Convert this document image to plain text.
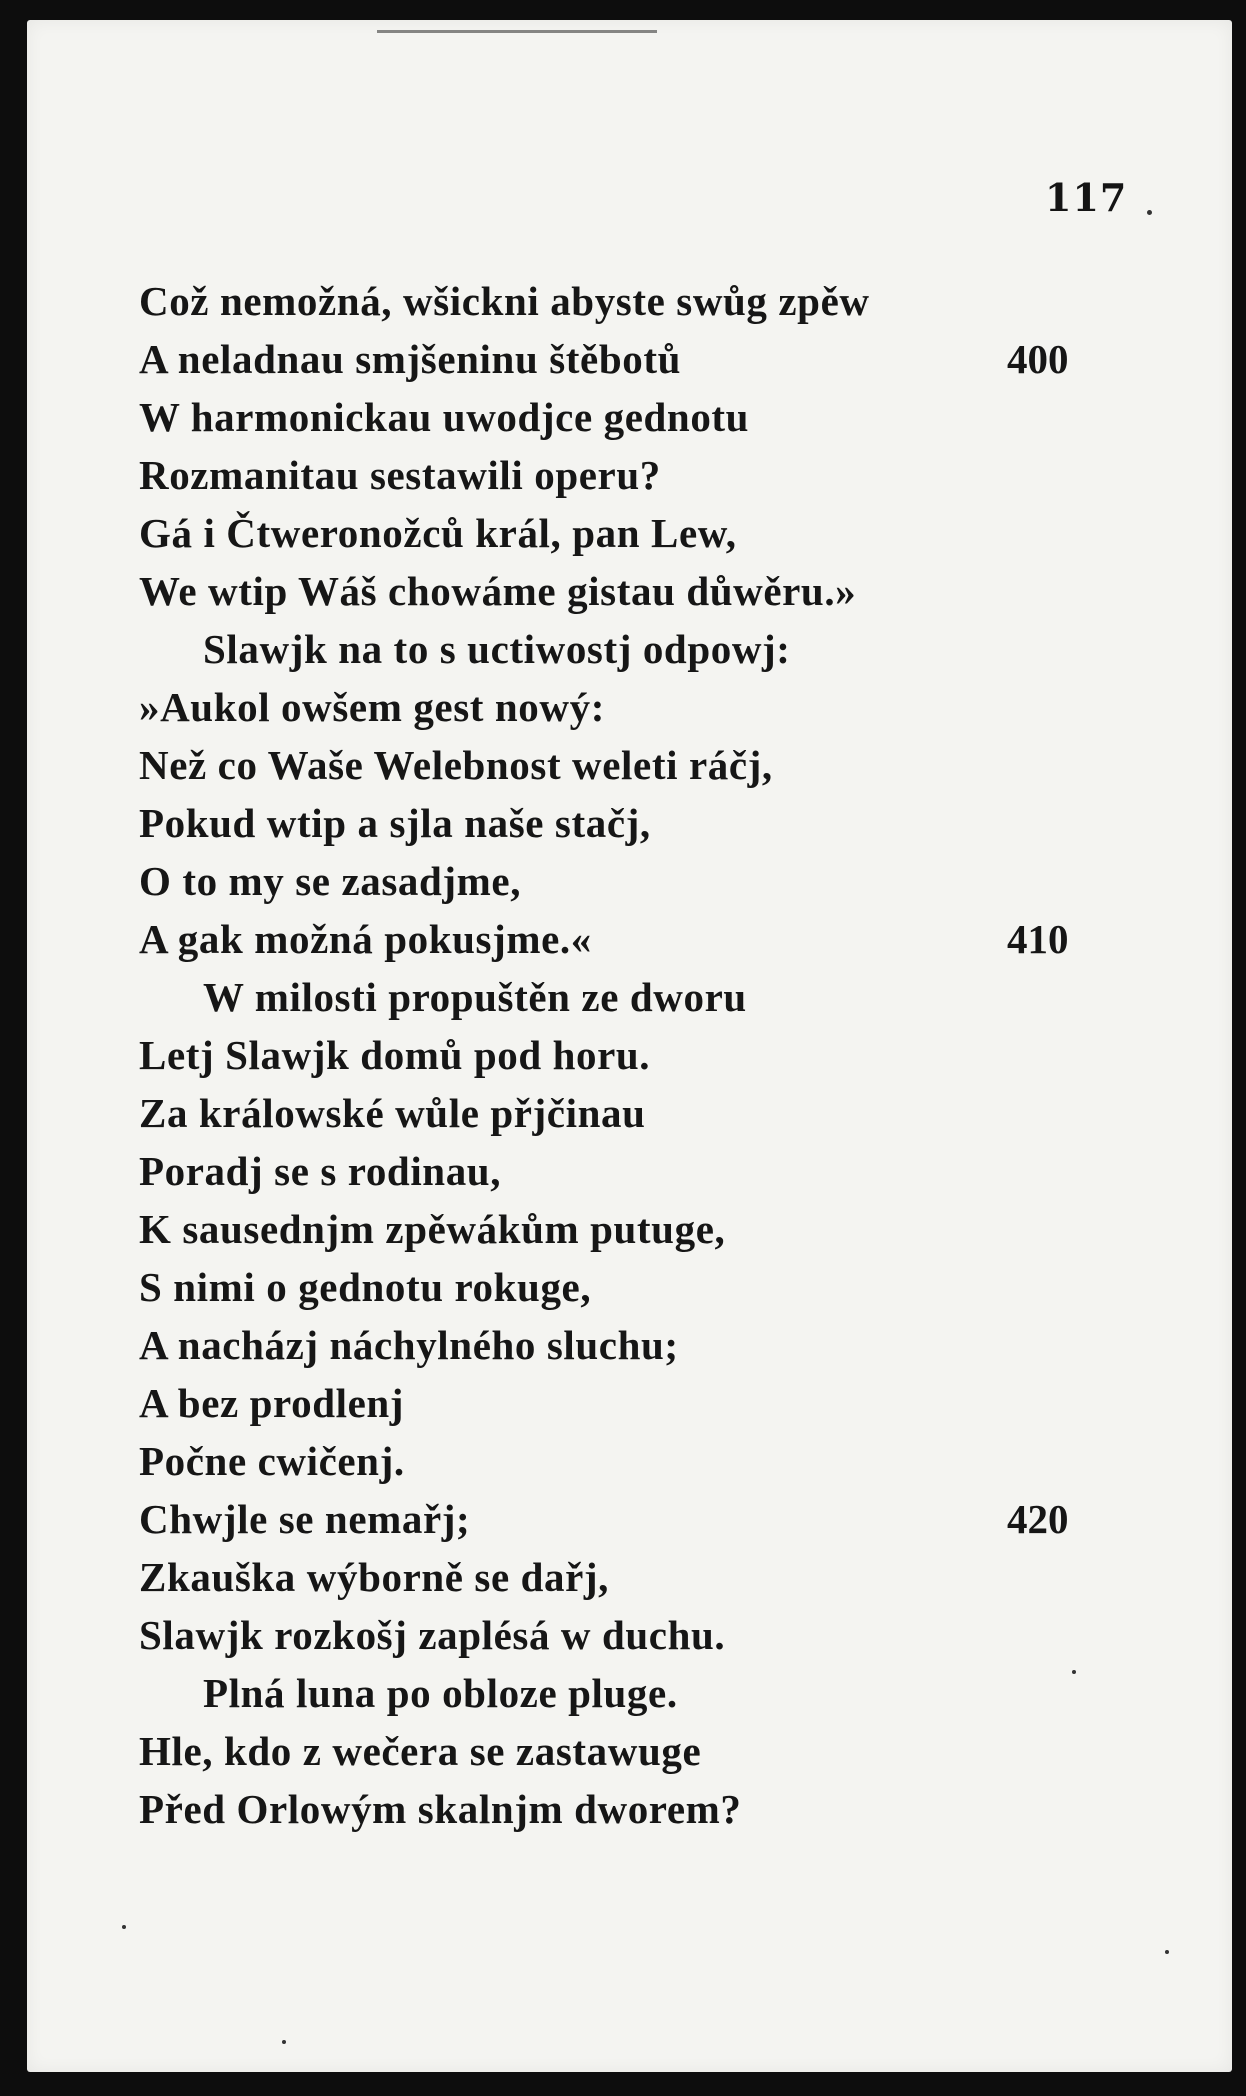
117
Což nemožná, wšickni abyste swůg zpěw
A neladnau smjšeninu štěbotů	400
W harmonickau uwodjce gednotu
Rozmanitau sestawili operu?
Gá i Čtweronožců král, pan Lew,
We wtip Wáš chowáme gistau důwěru.»
Slawjk na to s uctiwostj odpowj:
»Aukol owšem gest nowý:
Než co Waše Welebnost weleti ráčj,
Pokud wtip a sjla naše stačj,
O to my se zasadjme,
A gak možná pokusjme.«	410
W milosti propuštěn ze dworu
Letj Slawjk domů pod horu.
Za králowské wůle přjčinau
Poradj se s rodinau,
K sausednjm zpěwákům putuge,
S nimi o gednotu rokuge,
A nacházj náchylného sluchu;
A bez prodlenj
Počne cwičenj.
Chwjle se nemařj;	420
Zkauška wýborně se dařj,
Slawjk rozkošj zaplésá w duchu.
Plná luna po obloze pluge.
Hle, kdo z wečera se zastawuge
Před Orlowým skalnjm dworem?
